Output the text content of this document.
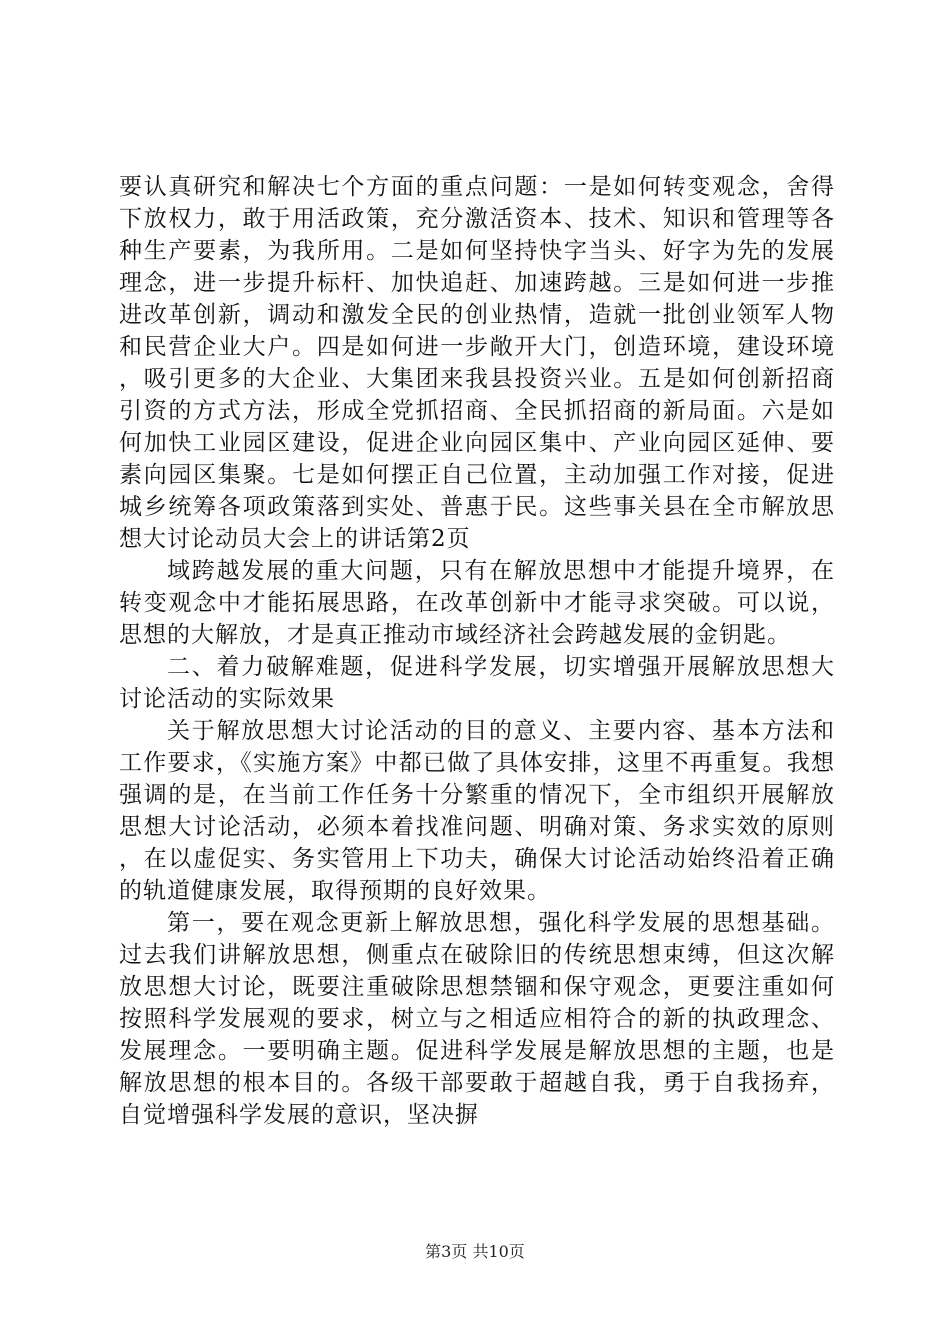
要认真研究和解决七个方面的重点问题：一是如何转变观念，舍得下放权力，敢于用活政策，充分激活资本、技术、知识和管理等各种生产要素，为我所用。二是如何坚持快字当头、好字为先的发展理念，进一步提升标杆、加快追赶、加速跨越。三是如何进一步推进改革创新，调动和激发全民的创业热情，造就一批创业领军人物和民营企业大户。四是如何进一步敞开大门，创造环境，建设环境，吸引更多的大企业、大集团来我县投资兴业。五是如何创新招商引资的方式方法，形成全党抓招商、全民抓招商的新局面。六是如何加快工业园区建设，促进企业向园区集中、产业向园区延伸、要素向园区集聚。七是如何摆正自己位置，主动加强工作对接，促进城乡统筹各项政策落到实处、普惠于民。这些事关县在全市解放思想大讨论动员大会上的讲话第2页

域跨越发展的重大问题，只有在解放思想中才能提升境界，在转变观念中才能拓展思路，在改革创新中才能寻求突破。可以说，思想的大解放，才是真正推动市域经济社会跨越发展的金钥匙。

二、着力破解难题，促进科学发展，切实增强开展解放思想大讨论活动的实际效果

关于解放思想大讨论活动的目的意义、主要内容、基本方法和工作要求，《实施方案》中都已做了具体安排，这里不再重复。我想强调的是，在当前工作任务十分繁重的情况下，全市组织开展解放思想大讨论活动，必须本着找准问题、明确对策、务求实效的原则，在以虚促实、务实管用上下功夫，确保大讨论活动始终沿着正确的轨道健康发展，取得预期的良好效果。

第一，要在观念更新上解放思想，强化科学发展的思想基础。过去我们讲解放思想，侧重点在破除旧的传统思想束缚，但这次解放思想大讨论，既要注重破除思想禁锢和保守观念，更要注重如何按照科学发展观的要求，树立与之相适应相符合的新的执政理念、发展理念。一要明确主题。促进科学发展是解放思想的主题，也是解放思想的根本目的。各级干部要敢于超越自我，勇于自我扬弃，自觉增强科学发展的意识，坚决摒

第3页 共10页
